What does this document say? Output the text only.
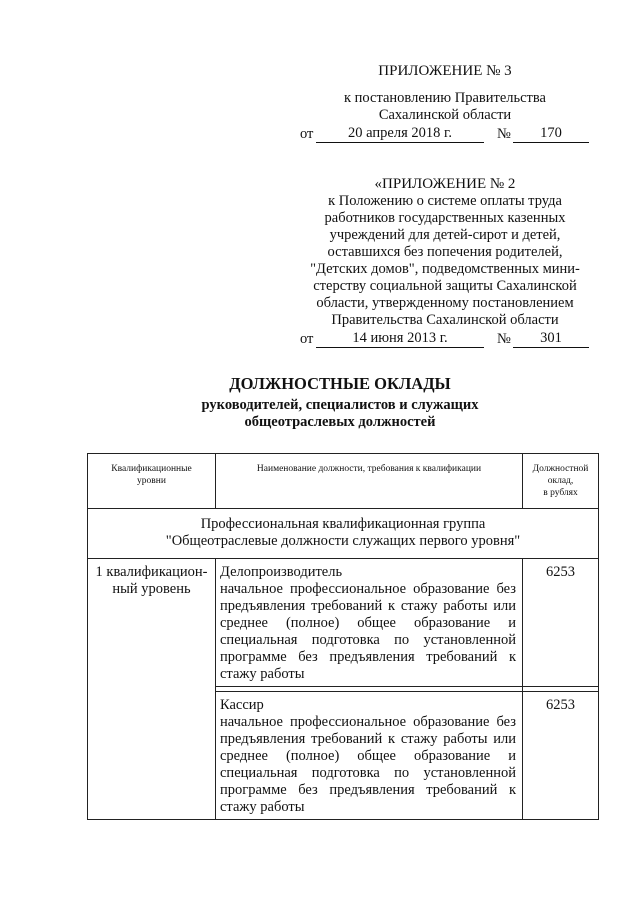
ПРИЛОЖЕНИЕ № 3
к постановлению Правительства
Сахалинской области
от	20 апреля 2018 г.	№	170
«ПРИЛОЖЕНИЕ № 2
к Положению о системе оплаты труда
работников государственных казенных
учреждений для детей-сирот и детей,
оставшихся без попечения родителей,
"Детских домов", подведомственных мини-
стерству социальной защиты Сахалинской
области, утвержденному постановлением
Правительства Сахалинской области
от	14 июня 2013 г.	№	301
ДОЛЖНОСТНЫЕ ОКЛАДЫ
руководителей, специалистов и служащих
общеотраслевых должностей
Квалификационные уровни	Наименование должности, требования к квалификации	Должностной
оклад,
в рублях

Профессиональная квалификационная группа
"Общеотраслевые должности служащих первого уровня"		

1 квалификацион-ный уровень	Делопроизводитель
начальное профессиональное образование без предъявления требований к стажу работы или среднее (полное) общее образование и специальная подготовка по установленной программе без предъявления требований к стажу работы	6253

	Кассир
начальное профессиональное образование без предъявления требований к стажу работы или среднее (полное) общее образование и специальная подготовка по установленной программе без предъявления требований к стажу работы	6253
